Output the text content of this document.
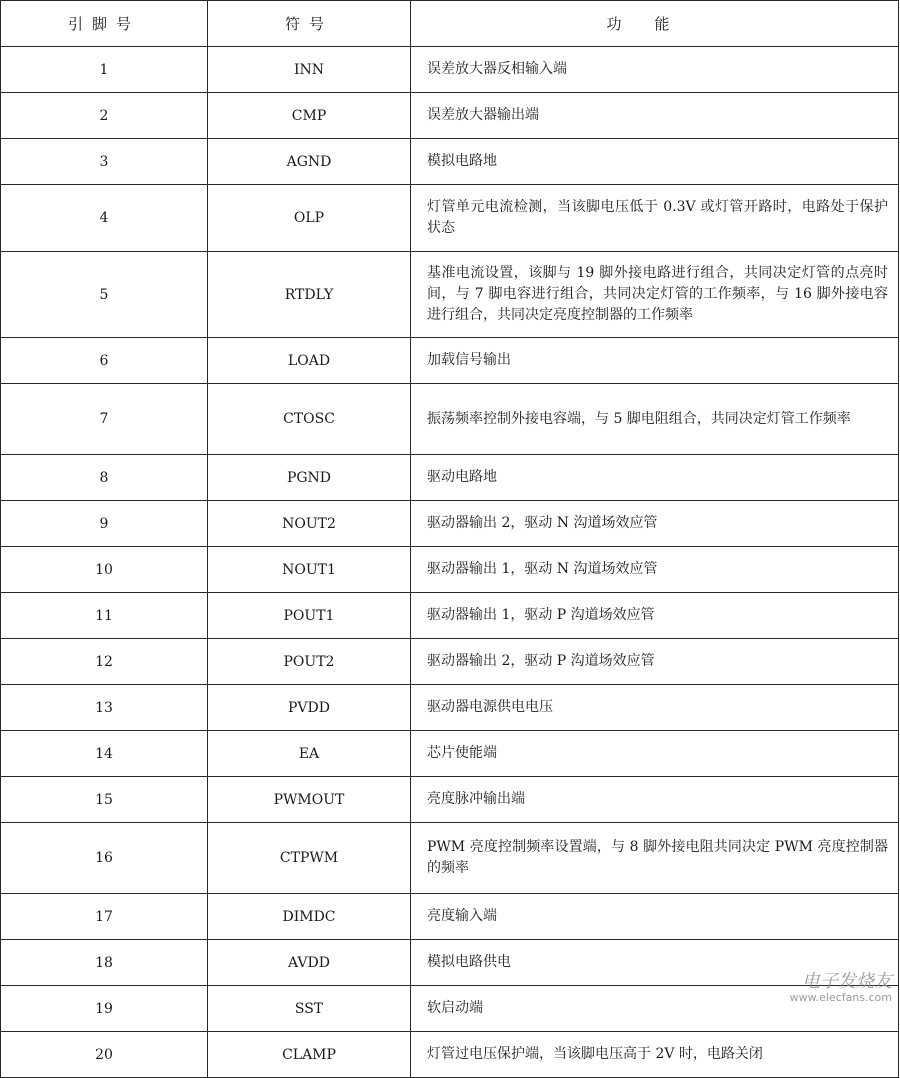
引脚号	符号	功能
1	INN	误差放大器反相输入端
2	CMP	误差放大器输出端
3	AGND	模拟电路地
4	OLP	灯管单元电流检测，当该脚电压低于 0.3V 或灯管开路时，电路处于保护状态
5	RTDLY	基准电流设置，该脚与 19 脚外接电路进行组合，共同决定灯管的点亮时间，与 7 脚电容进行组合，共同决定灯管的工作频率，与 16 脚外接电容进行组合，共同决定亮度控制器的工作频率
6	LOAD	加载信号输出
7	CTOSC	振荡频率控制外接电容端，与 5 脚电阻组合，共同决定灯管工作频率
8	PGND	驱动电路地
9	NOUT2	驱动器输出 2，驱动 N 沟道场效应管
10	NOUT1	驱动器输出 1，驱动 N 沟道场效应管
11	POUT1	驱动器输出 1，驱动 P 沟道场效应管
12	POUT2	驱动器输出 2，驱动 P 沟道场效应管
13	PVDD	驱动器电源供电电压
14	EA	芯片使能端
15	PWMOUT	亮度脉冲输出端
16	CTPWM	PWM 亮度控制频率设置端，与 8 脚外接电阻共同决定 PWM 亮度控制器的频率
17	DIMDC	亮度输入端
18	AVDD	模拟电路供电
19	SST	软启动端
20	CLAMP	灯管过电压保护端，当该脚电压高于 2V 时，电路关闭
电子发烧友
www.elecfans.com
